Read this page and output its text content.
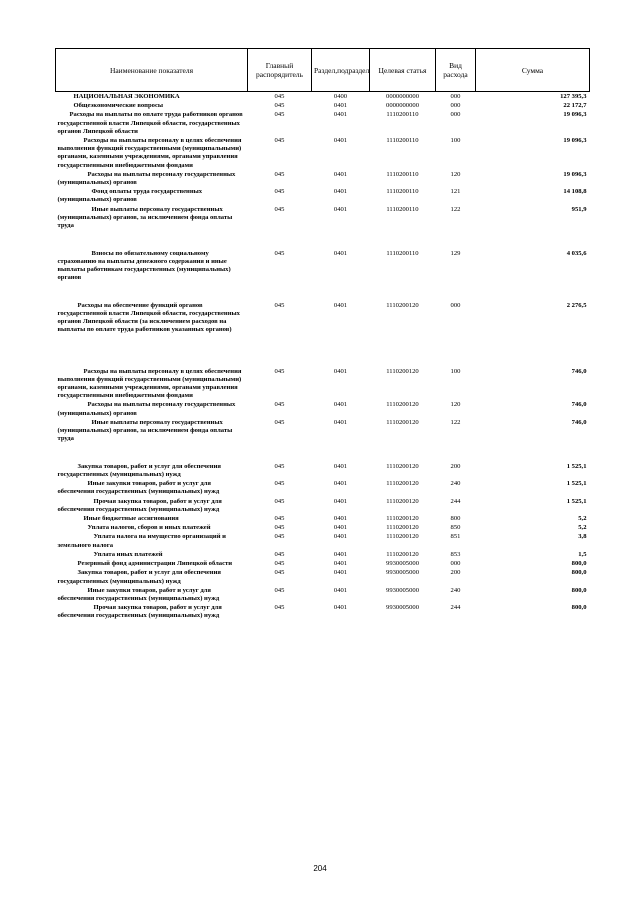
Наименование показателя	Главный распорядитель	Раздел,подраздел	Целевая статья	Вид расхода	Сумма
НАЦИОНАЛЬНАЯ ЭКОНОМИКА	045	0400	0000000000	000	127 395,3
Общеэкономические вопросы	045	0401	0000000000	000	22 172,7
Расходы на выплаты по оплате труда работников органов государственной власти Липецкой области, государственных органов Липецкой области	045	0401	1110200110	000	19 096,3
Расходы на выплаты персоналу в целях обеспечения выполнения функций государственными (муниципальными) органами, казенными учреждениями, органами управления государственными внебюджетными фондами	045	0401	1110200110	100	19 096,3
Расходы на выплаты персоналу государственных (муниципальных) органов	045	0401	1110200110	120	19 096,3
Фонд оплаты труда государственных (муниципальных) органов	045	0401	1110200110	121	14 108,8
Иные выплаты персоналу государственных (муниципальных) органов, за исключением фонда оплаты труда	045	0401	1110200110	122	951,9
Взносы по обязательному социальному страхованию на выплаты денежного содержания и иные выплаты работникам государственных (муниципальных) органов	045	0401	1110200110	129	4 035,6
Расходы на обеспечение функций органов государственной власти Липецкой области, государственных органов Липецкой области (за исключением расходов на выплаты по оплате труда работников указанных органов)	045	0401	1110200120	000	2 276,5
Расходы на выплаты персоналу в целях обеспечения выполнения функций государственными (муниципальными) органами, казенными учреждениями, органами управления государственными внебюджетными фондами	045	0401	1110200120	100	746,0
Расходы на выплаты персоналу государственных (муниципальных) органов	045	0401	1110200120	120	746,0
Иные выплаты персоналу государственных (муниципальных) органов, за исключением фонда оплаты труда	045	0401	1110200120	122	746,0
Закупка товаров, работ и услуг для обеспечения государственных (муниципальных) нужд	045	0401	1110200120	200	1 525,1
Иные закупки товаров, работ и услуг для обеспечения государственных (муниципальных) нужд	045	0401	1110200120	240	1 525,1
Прочая закупка товаров, работ и услуг для обеспечения государственных (муниципальных) нужд	045	0401	1110200120	244	1 525,1
Иные бюджетные ассигнования	045	0401	1110200120	800	5,2
Уплата налогов, сборов и иных платежей	045	0401	1110200120	850	5,2
Уплата налога на имущество организаций и земельного налога	045	0401	1110200120	851	3,8
Уплата иных платежей	045	0401	1110200120	853	1,5
Резервный фонд администрации Липецкой области	045	0401	9930005000	000	800,0
Закупка товаров, работ и услуг для обеспечения государственных (муниципальных) нужд	045	0401	9930005000	200	800,0
Иные закупки товаров, работ и услуг для обеспечения государственных (муниципальных) нужд	045	0401	9930005000	240	800,0
Прочая закупка товаров, работ и услуг для обеспечения государственных (муниципальных) нужд	045	0401	9930005000	244	800,0
204
